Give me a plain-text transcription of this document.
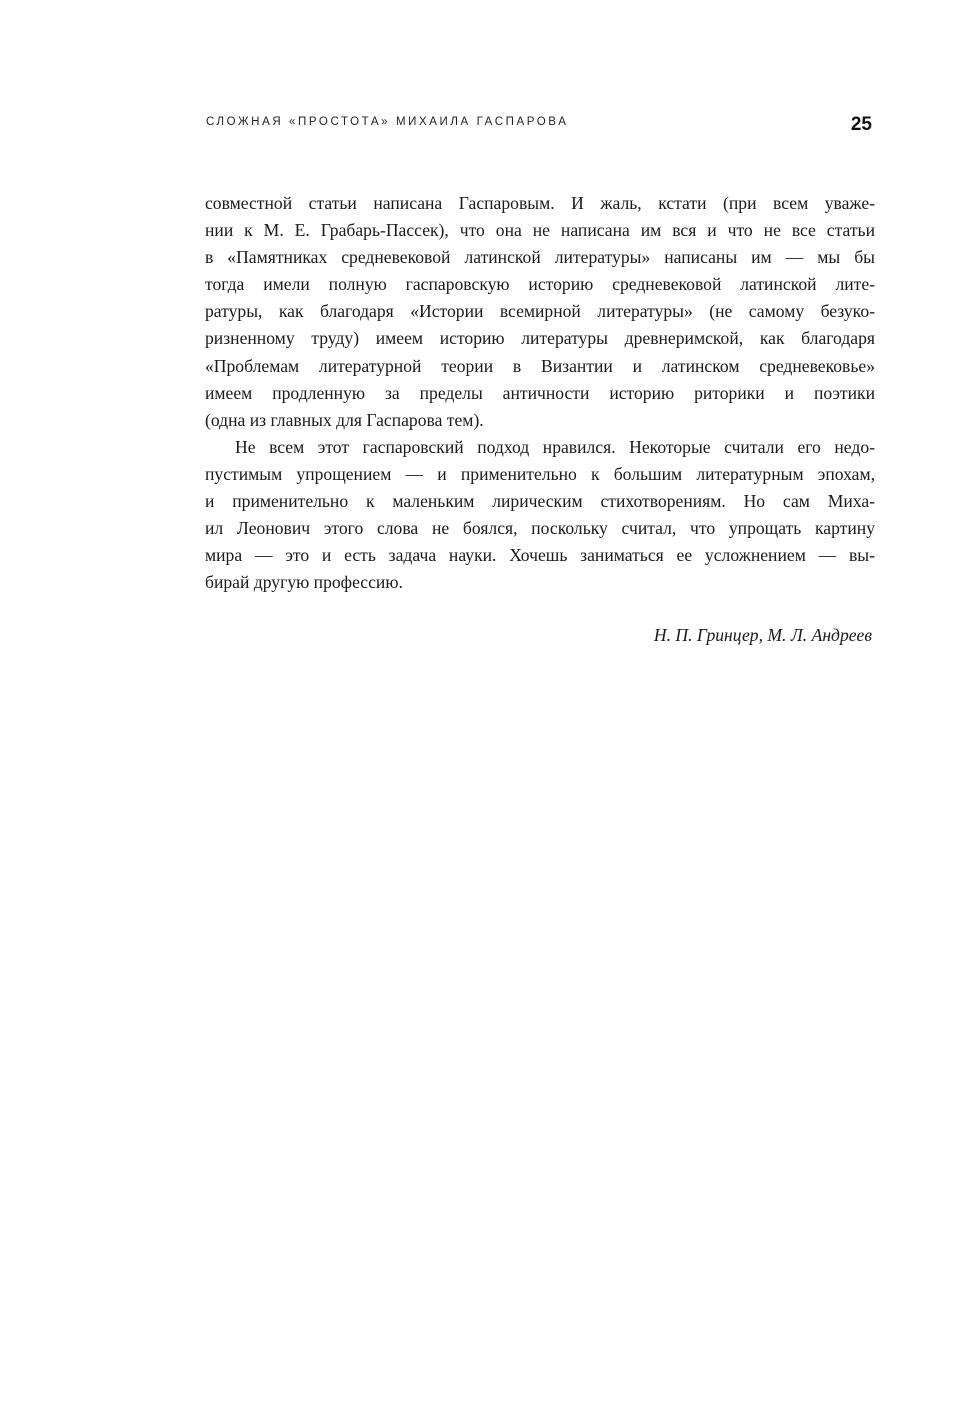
СЛОЖНАЯ «ПРОСТОТА» МИХАИЛА ГАСПАРОВА	25
совместной статьи написана Гаспаровым. И жаль, кстати (при всем уваже-
нии к М. Е. Грабарь-Пассек), что она не написана им вся и что не все статьи
в «Памятниках средневековой латинской литературы» написаны им — мы бы
тогда имели полную гаспаровскую историю средневековой латинской лите-
ратуры, как благодаря «Истории всемирной литературы» (не самому безуко-
ризненному труду) имеем историю литературы древнеримской, как благодаря
«Проблемам литературной теории в Византии и латинском средневековье»
имеем продленную за пределы античности историю риторики и поэтики
(одна из главных для Гаспарова тем).
Не всем этот гаспаровский подход нравился. Некоторые считали его недо-
пустимым упрощением — и применительно к большим литературным эпохам,
и применительно к маленьким лирическим стихотворениям. Но сам Миха-
ил Леонович этого слова не боялся, поскольку считал, что упрощать картину
мира — это и есть задача науки. Хочешь заниматься ее усложнением — вы-
бирай другую профессию.
Н. П. Гринцер, М. Л. Андреев
